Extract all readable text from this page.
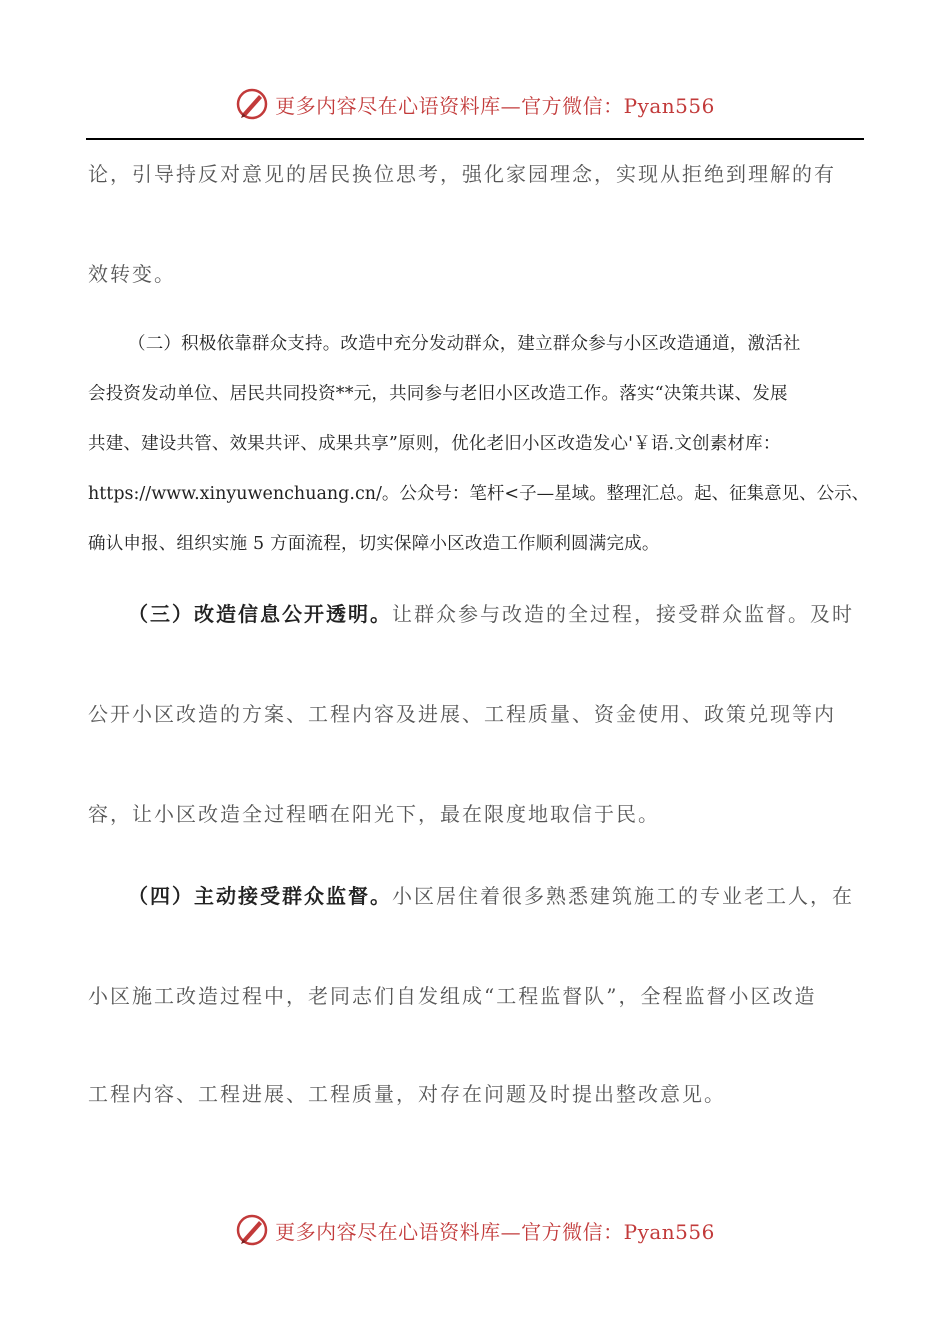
更多内容尽在心语资料库—官方微信：Pyan556

论，引导持反对意见的居民换位思考，强化家园理念，实现从拒绝到理解的有

效转变。

（二）积极依靠群众支持。改造中充分发动群众，建立群众参与小区改造通道，激活社

会投资发动单位、居民共同投资**元，共同参与老旧小区改造工作。落实“决策共谋、发展

共建、建设共管、效果共评、成果共享”原则，优化老旧小区改造发心'￥语.文创素材库：

https://www.xinyuwenchuang.cn/。公众号：笔杆<子—星域。整理汇总。起、征集意见、公示、

确认申报、组织实施 5 方面流程，切实保障小区改造工作顺利圆满完成。

（三）改造信息公开透明。让群众参与改造的全过程，接受群众监督。及时

公开小区改造的方案、工程内容及进展、工程质量、资金使用、政策兑现等内

容，让小区改造全过程晒在阳光下，最在限度地取信于民。

（四）主动接受群众监督。小区居住着很多熟悉建筑施工的专业老工人，在

小区施工改造过程中，老同志们自发组成“工程监督队”，全程监督小区改造

工程内容、工程进展、工程质量，对存在问题及时提出整改意见。

更多内容尽在心语资料库—官方微信：Pyan556
